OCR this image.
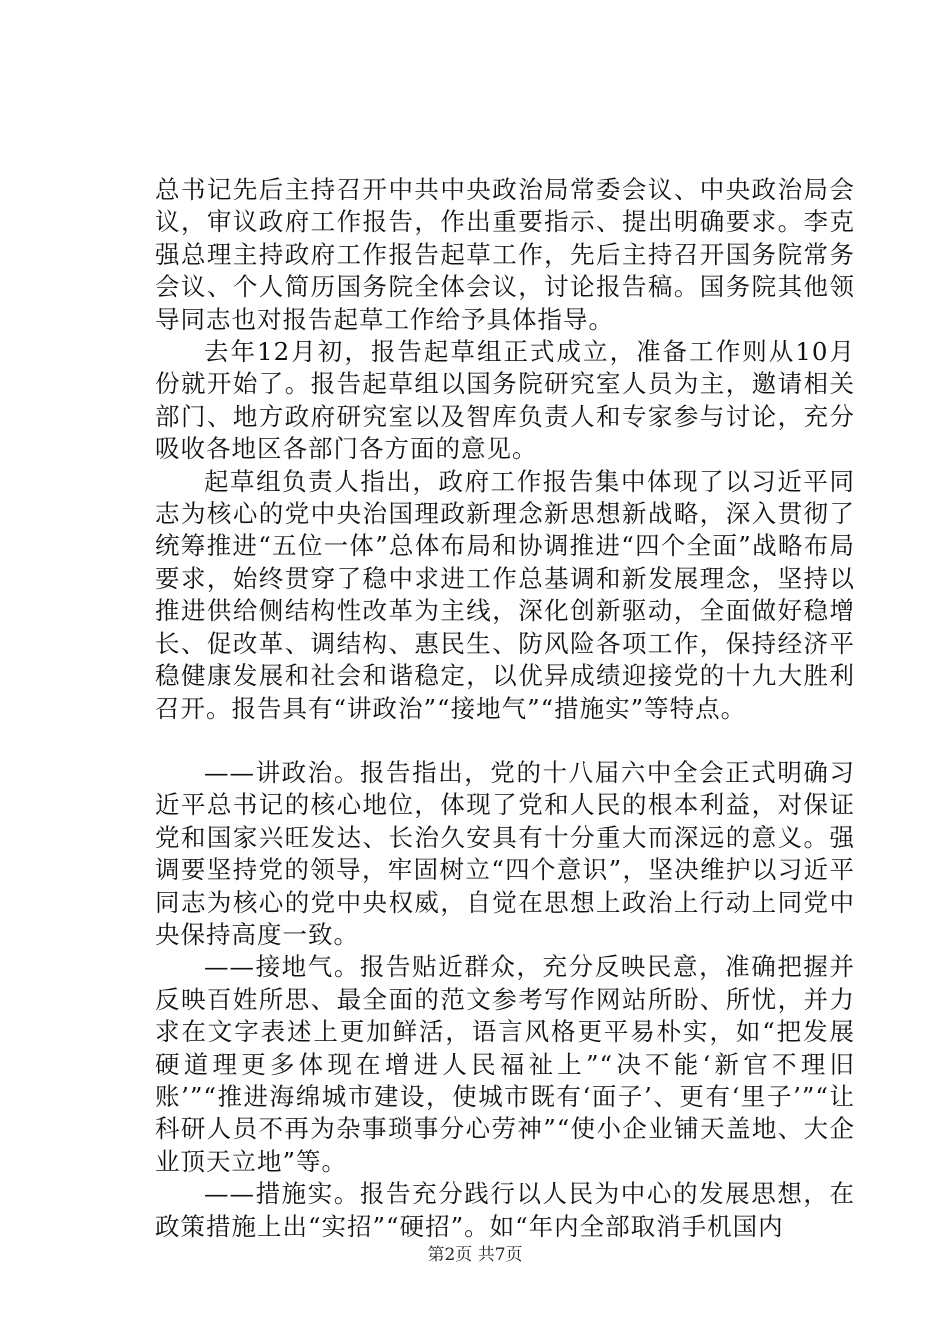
总书记先后主持召开中共中央政治局常委会议、中央政治局会议，审议政府工作报告，作出重要指示、提出明确要求。李克强总理主持政府工作报告起草工作，先后主持召开国务院常务会议、个人简历国务院全体会议，讨论报告稿。国务院其他领导同志也对报告起草工作给予具体指导。

去年12月初，报告起草组正式成立，准备工作则从10月份就开始了。报告起草组以国务院研究室人员为主，邀请相关部门、地方政府研究室以及智库负责人和专家参与讨论，充分吸收各地区各部门各方面的意见。

起草组负责人指出，政府工作报告集中体现了以习近平同志为核心的党中央治国理政新理念新思想新战略，深入贯彻了统筹推进“五位一体”总体布局和协调推进“四个全面”战略布局要求，始终贯穿了稳中求进工作总基调和新发展理念，坚持以推进供给侧结构性改革为主线，深化创新驱动，全面做好稳增长、促改革、调结构、惠民生、防风险各项工作，保持经济平稳健康发展和社会和谐稳定，以优异成绩迎接党的十九大胜利召开。报告具有“讲政治”“接地气”“措施实”等特点。

——讲政治。报告指出，党的十八届六中全会正式明确习近平总书记的核心地位，体现了党和人民的根本利益，对保证党和国家兴旺发达、长治久安具有十分重大而深远的意义。强调要坚持党的领导，牢固树立“四个意识”，坚决维护以习近平同志为核心的党中央权威，自觉在思想上政治上行动上同党中央保持高度一致。

——接地气。报告贴近群众，充分反映民意，准确把握并反映百姓所思、最全面的范文参考写作网站所盼、所忧，并力求在文字表述上更加鲜活，语言风格更平易朴实，如“把发展硬道理更多体现在增进人民福祉上”“决不能‘新官不理旧账’”“推进海绵城市建设，使城市既有‘面子’、更有‘里子’”“让科研人员不再为杂事琐事分心劳神”“使小企业铺天盖地、大企业顶天立地”等。

——措施实。报告充分践行以人民为中心的发展思想，在政策措施上出“实招”“硬招”。如“年内全部取消手机国内

第2页 共7页
